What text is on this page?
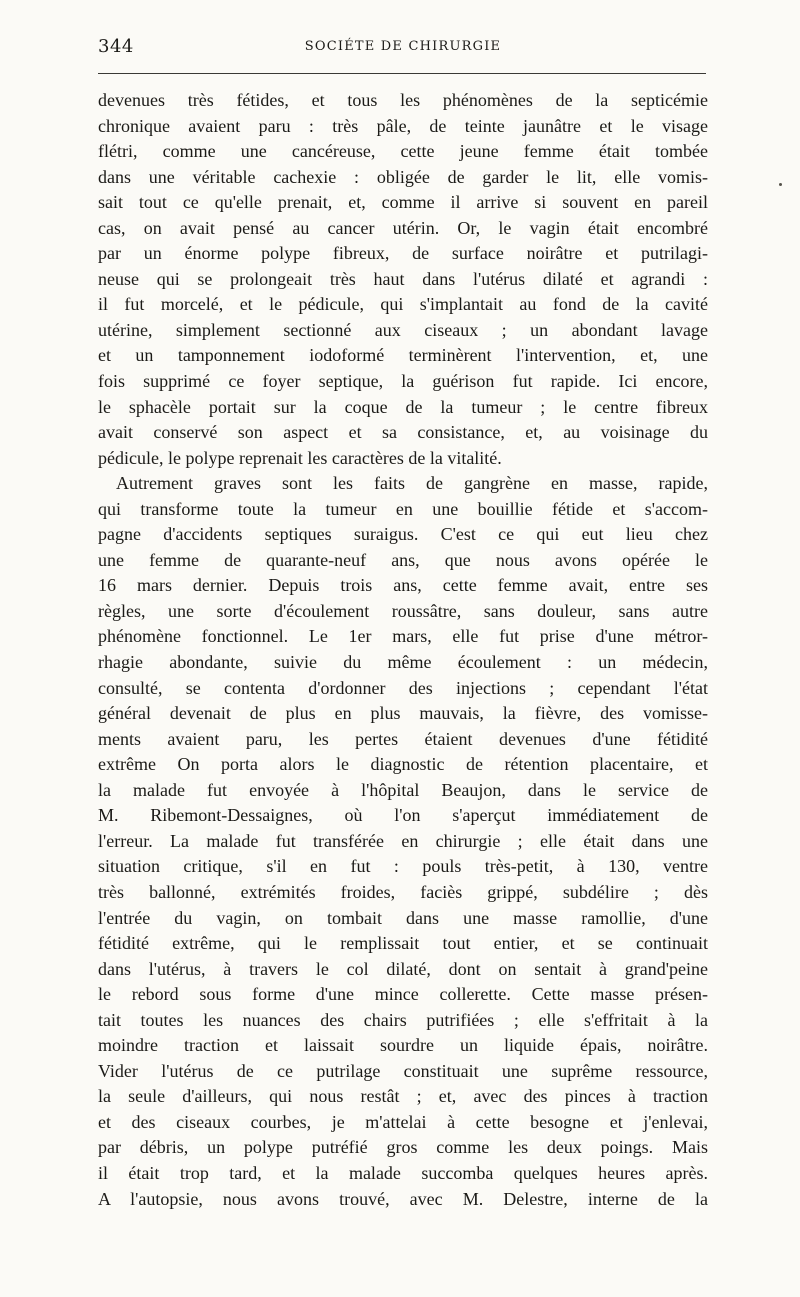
344	SOCIÉTE DE CHIRURGIE
devenues très fétides, et tous les phénomènes de la septicémie
chronique avaient paru : très pâle, de teinte jaunâtre et le visage
flétri, comme une cancéreuse, cette jeune femme était tombée
dans une véritable cachexie : obligée de garder le lit, elle vomis-
sait tout ce qu'elle prenait, et, comme il arrive si souvent en pareil
cas, on avait pensé au cancer utérin. Or, le vagin était encombré
par un énorme polype fibreux, de surface noirâtre et putrilagi-
neuse qui se prolongeait très haut dans l'utérus dilaté et agrandi :
il fut morcelé, et le pédicule, qui s'implantait au fond de la cavité
utérine, simplement sectionné aux ciseaux ; un abondant lavage
et un tamponnement iodoformé terminèrent l'intervention, et, une
fois supprimé ce foyer septique, la guérison fut rapide. Ici encore,
le sphacèle portait sur la coque de la tumeur ; le centre fibreux
avait conservé son aspect et sa consistance, et, au voisinage du
pédicule, le polype reprenait les caractères de la vitalité.
Autrement graves sont les faits de gangrène en masse, rapide,
qui transforme toute la tumeur en une bouillie fétide et s'accom-
pagne d'accidents septiques suraigus. C'est ce qui eut lieu chez
une femme de quarante-neuf ans, que nous avons opérée le
16 mars dernier. Depuis trois ans, cette femme avait, entre ses
règles, une sorte d'écoulement roussâtre, sans douleur, sans autre
phénomène fonctionnel. Le 1er mars, elle fut prise d'une métror-
rhagie abondante, suivie du même écoulement : un médecin,
consulté, se contenta d'ordonner des injections ; cependant l'état
général devenait de plus en plus mauvais, la fièvre, des vomisse-
ments avaient paru, les pertes étaient devenues d'une fétidité
extrême On porta alors le diagnostic de rétention placentaire, et
la malade fut envoyée à l'hôpital Beaujon, dans le service de
M. Ribemont-Dessaignes, où l'on s'aperçut immédiatement de
l'erreur. La malade fut transférée en chirurgie ; elle était dans une
situation critique, s'il en fut : pouls très-petit, à 130, ventre
très ballonné, extrémités froides, faciès grippé, subdélire ; dès
l'entrée du vagin, on tombait dans une masse ramollie, d'une
fétidité extrême, qui le remplissait tout entier, et se continuait
dans l'utérus, à travers le col dilaté, dont on sentait à grand'peine
le rebord sous forme d'une mince collerette. Cette masse présen-
tait toutes les nuances des chairs putrifiées ; elle s'effritait à la
moindre traction et laissait sourdre un liquide épais, noirâtre.
Vider l'utérus de ce putrilage constituait une suprême ressource,
la seule d'ailleurs, qui nous restât ; et, avec des pinces à traction
et des ciseaux courbes, je m'attelai à cette besogne et j'enlevai,
par débris, un polype putréfié gros comme les deux poings. Mais
il était trop tard, et la malade succomba quelques heures après.
A l'autopsie, nous avons trouvé, avec M. Delestre, interne de la
